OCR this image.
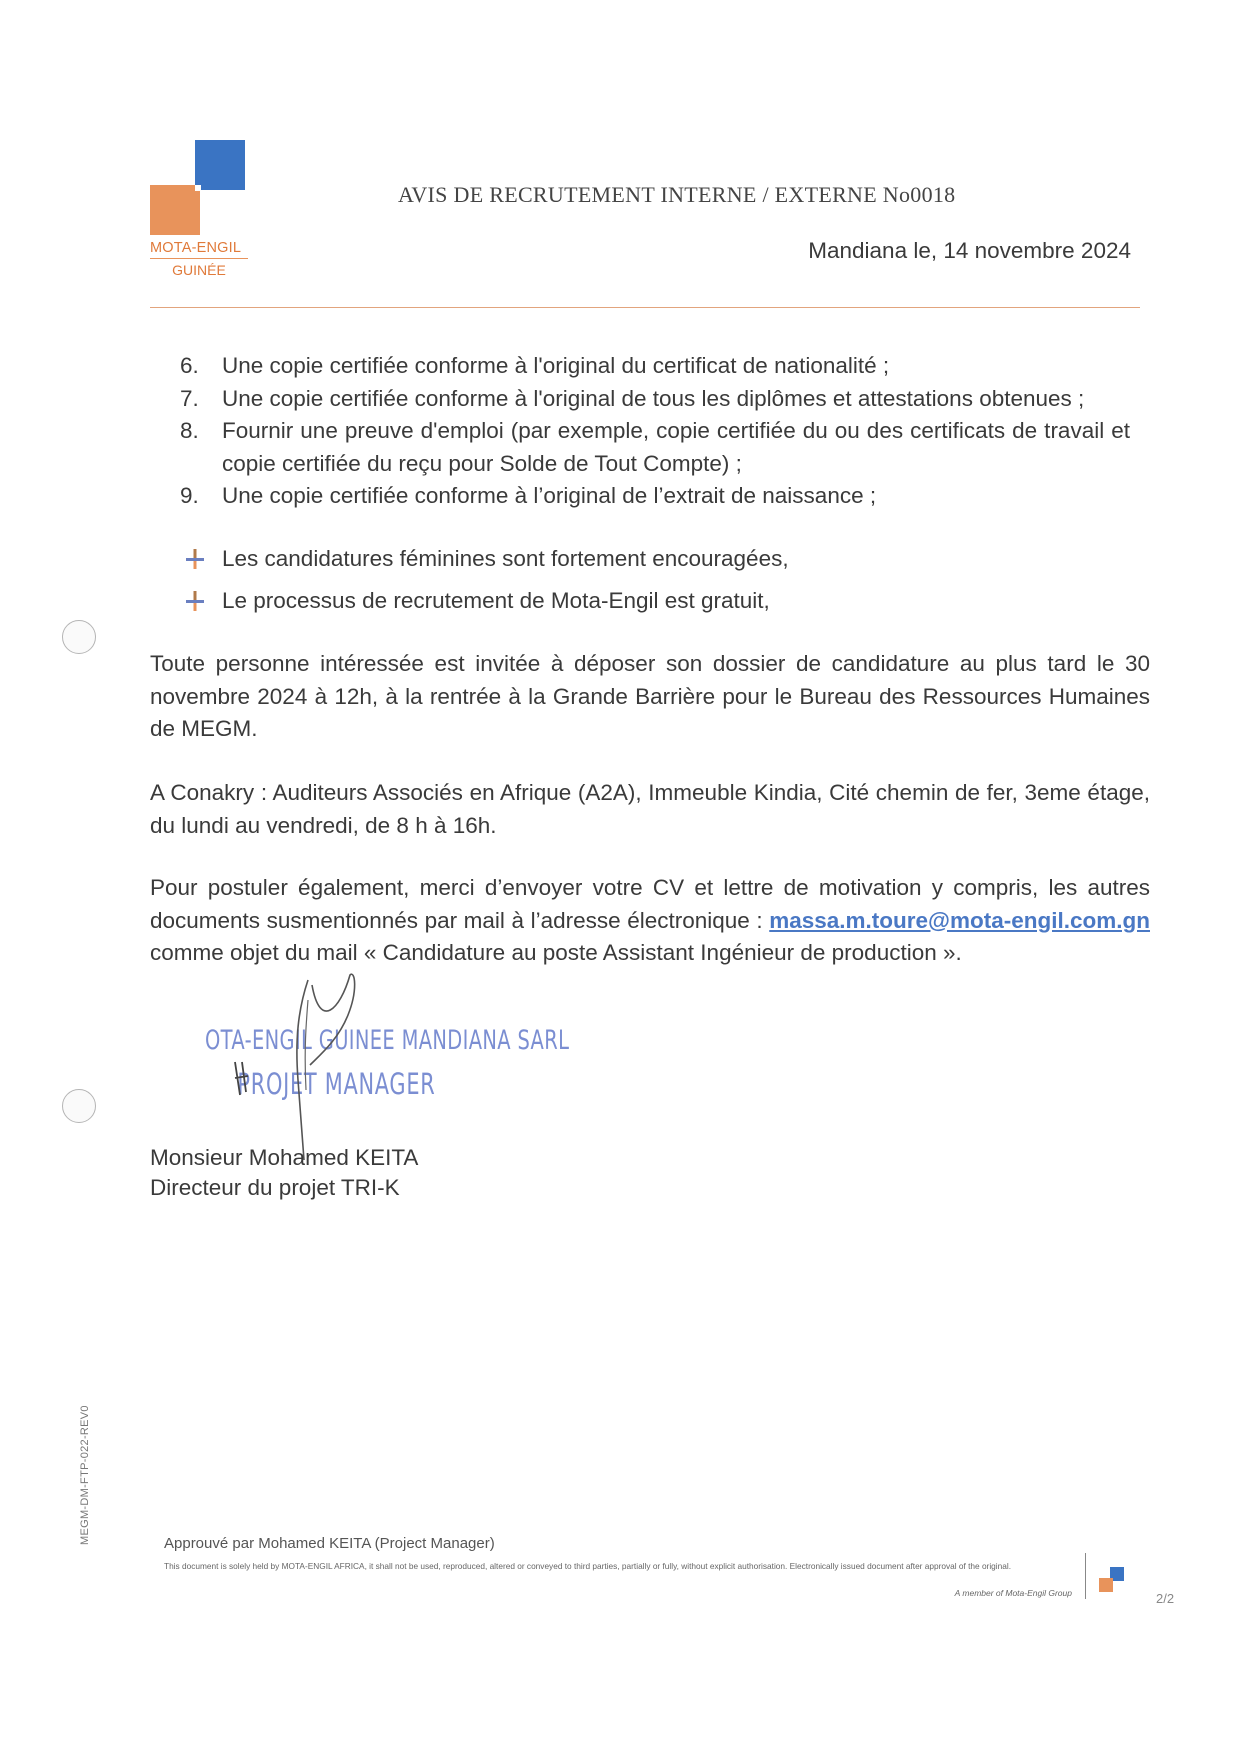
MOTA-ENGIL
GUINÉE
AVIS DE RECRUTEMENT INTERNE / EXTERNE No0018
Mandiana le, 14 novembre 2024
6.	Une copie certifiée conforme à l'original du certificat de nationalité ;
7.	Une copie certifiée conforme à l'original de tous les diplômes et attestations obtenues ;
8.	Fournir une preuve d'emploi (par exemple, copie certifiée du ou des certificats de travail et copie certifiée du reçu pour Solde de Tout Compte) ;
9.	Une copie certifiée conforme à l’original de l’extrait de naissance ;
Les candidatures féminines sont fortement encouragées,
Le processus de recrutement de Mota-Engil est gratuit,

Toute personne intéressée est invitée à déposer son dossier de candidature au plus tard le 30 novembre 2024 à 12h, à la rentrée à la Grande Barrière pour le Bureau des Ressources Humaines de MEGM.

A Conakry : Auditeurs Associés en Afrique (A2A), Immeuble Kindia, Cité chemin de fer, 3eme étage, du lundi au vendredi, de 8 h à 16h.

Pour postuler également, merci d’envoyer votre CV et lettre de motivation y compris, les autres documents susmentionnés par mail à l’adresse électronique : massa.m.toure@mota-engil.com.gn comme objet du mail « Candidature au poste Assistant Ingénieur de production ».

OTA-ENGIL GUINEE MANDIANA SARL
PROJET MANAGER
Monsieur Mohamed KEITA
Directeur du projet TRI-K
MEGM-DM-FTP-022-REV0	Approuvé par Mohamed KEITA (Project Manager)
This document is solely held by MOTA-ENGIL AFRICA, it shall not be used, reproduced, altered or conveyed to third parties, partially or fully, without explicit authorisation. Electronically issued document after approval of the original.
A member of Mota-Engil Group	2/2
